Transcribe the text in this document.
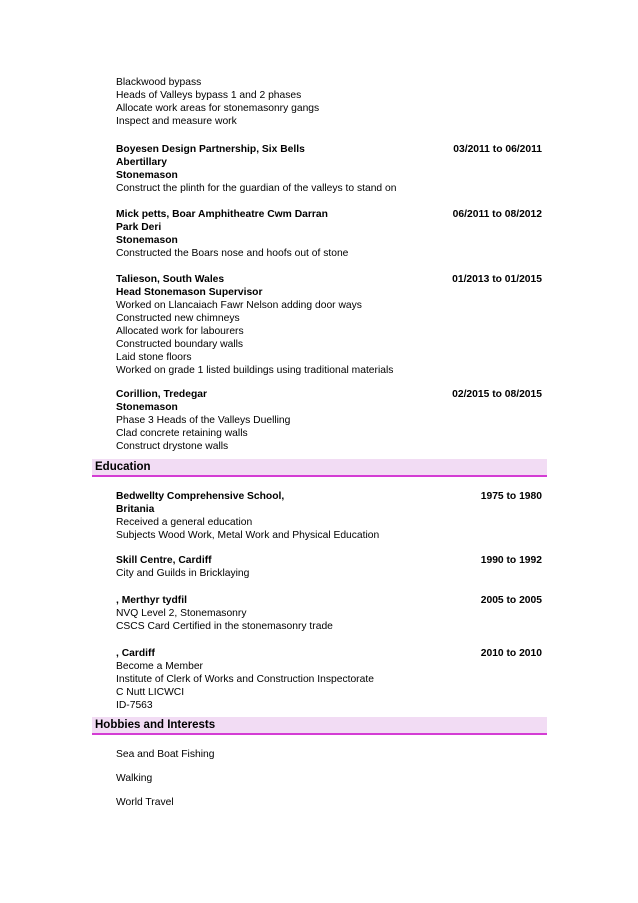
Blackwood bypass
Heads of Valleys bypass 1 and 2 phases
Allocate work areas for stonemasonry gangs
Inspect and measure work
Boyesen Design Partnership, Six Bells
Abertillary
Stonemason
Construct the plinth for the guardian of the valleys to stand on
03/2011 to 06/2011
Mick petts, Boar Amphitheatre Cwm Darran
Park Deri
Stonemason
Constructed the Boars nose and hoofs out of stone
06/2011 to 08/2012
Talieson, South Wales
Head Stonemason Supervisor
Worked on Llancaiach Fawr Nelson adding door ways
Constructed new chimneys
Allocated work for labourers
Constructed boundary walls
Laid stone floors
Worked on grade 1 listed buildings using traditional materials
01/2013 to 01/2015
Corillion, Tredegar
Stonemason
Phase 3 Heads of the Valleys Duelling
Clad concrete retaining walls
Construct drystone walls
02/2015 to 08/2015
Education
Bedwellty Comprehensive School,
Britania
Received a general education
Subjects Wood Work, Metal Work and Physical Education
1975 to 1980
Skill Centre, Cardiff
City and Guilds in Bricklaying
1990 to 1992
, Merthyr tydfil
NVQ Level 2, Stonemasonry
CSCS Card Certified in the stonemasonry trade
2005 to 2005
, Cardiff
Become a Member
Institute of Clerk of Works and Construction Inspectorate
C Nutt LICWCI
ID-7563
2010 to 2010
Hobbies and Interests
Sea and Boat Fishing
Walking
World Travel
